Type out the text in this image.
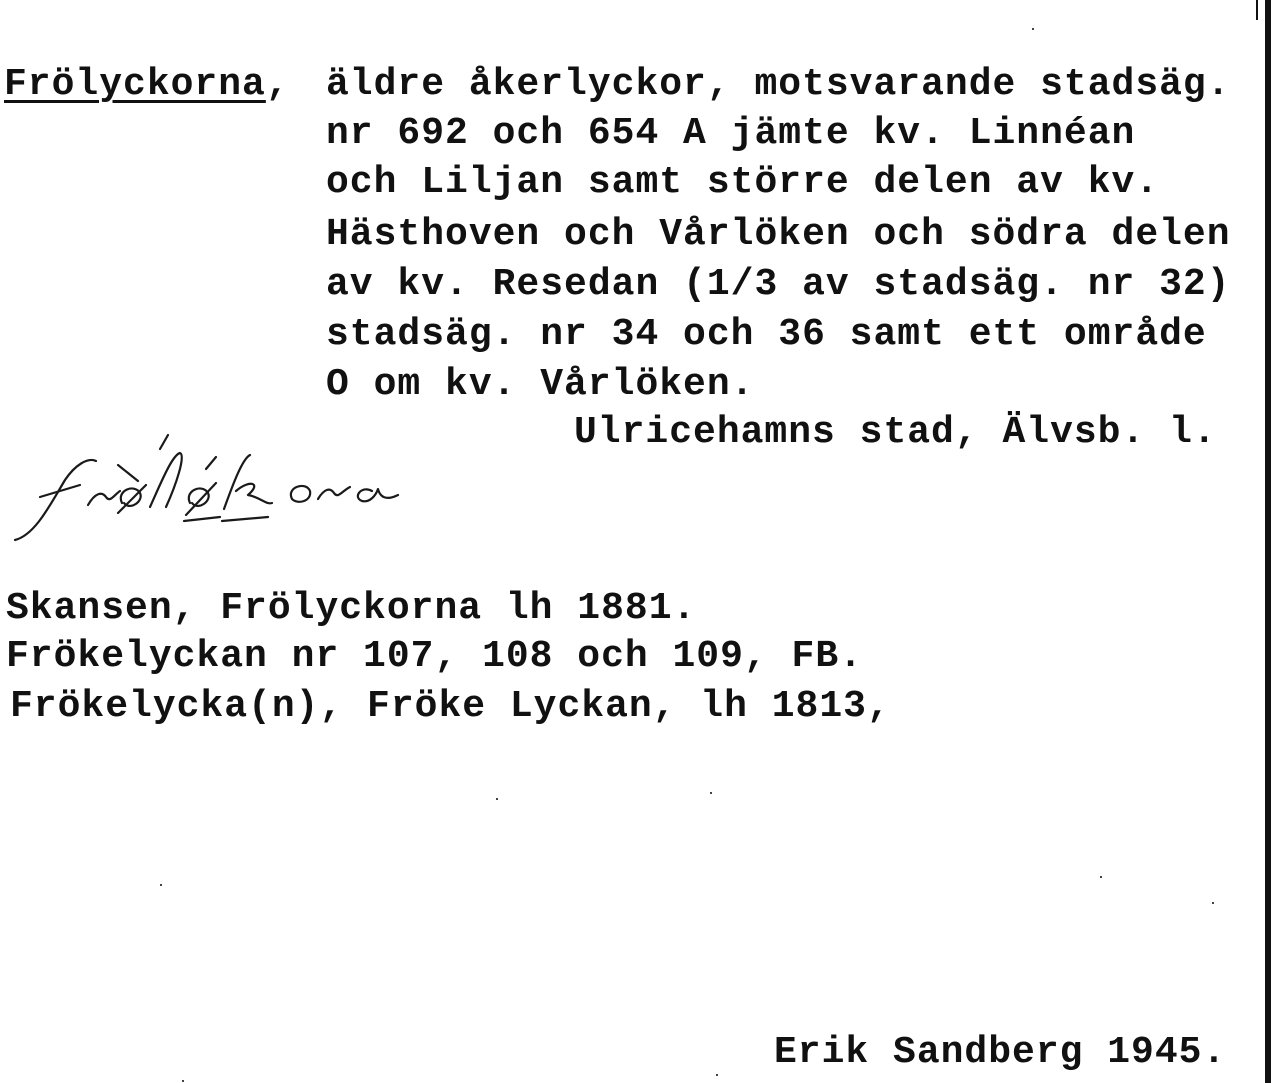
Frölyckorna, äldre åkerlyckor, motsvarande stadsäg.
nr 692 och 654 A jämte kv. Linnéan
och Liljan samt större delen av kv.
Hästhoven och Vårlöken och södra delen
av kv. Resedan (1/3 av stadsäg. nr 32)
stadsäg. nr 34 och 36 samt ett område
O om kv. Vårlöken.
Ulricehamns stad, Älvsb. l.
Skansen, Frölyckorna lh 1881.
Frökelyckan nr 107, 108 och 109, FB.
Frökelycka(n), Fröke Lyckan, lh 1813,
Erik Sandberg 1945.
